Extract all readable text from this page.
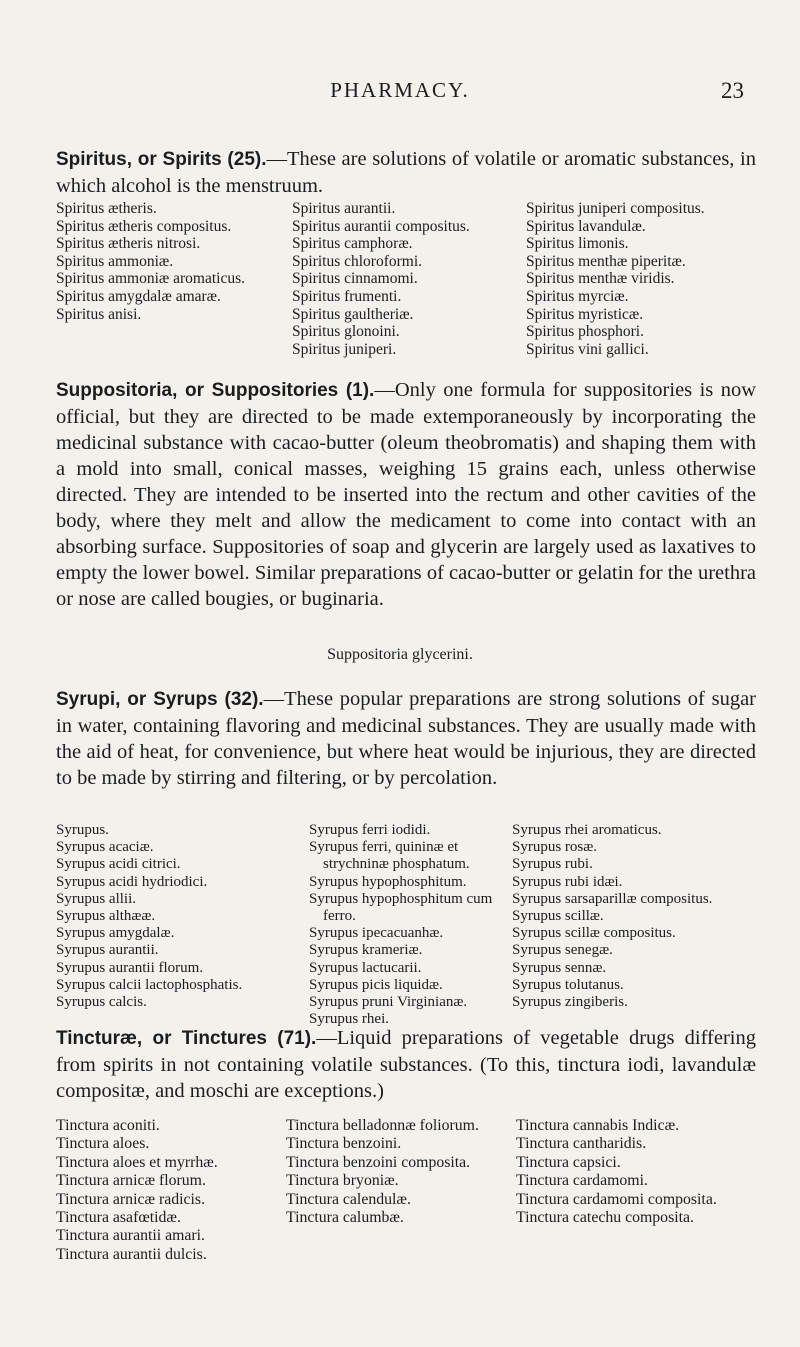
PHARMACY.	23
Spiritus, or Spirits (25).—These are solutions of volatile or aromatic substances, in which alcohol is the menstruum.
Spiritus ætheris.
Spiritus ætheris compositus.
Spiritus ætheris nitrosi.
Spiritus ammoniæ.
Spiritus ammoniæ aromaticus.
Spiritus amygdalæ amaræ.
Spiritus anisi.
Spiritus aurantii.
Spiritus aurantii compositus.
Spiritus camphoræ.
Spiritus chloroformi.
Spiritus cinnamomi.
Spiritus frumenti.
Spiritus gaultheriæ.
Spiritus glonoini.
Spiritus juniperi.
Spiritus juniperi compositus.
Spiritus lavandulæ.
Spiritus limonis.
Spiritus menthæ piperitæ.
Spiritus menthæ viridis.
Spiritus myrciæ.
Spiritus myristicæ.
Spiritus phosphori.
Spiritus vini gallici.
Suppositoria, or Suppositories (1).—Only one formula for suppositories is now official, but they are directed to be made extemporaneously by incorporating the medicinal substance with cacao-butter (oleum theobromatis) and shaping them with a mold into small, conical masses, weighing 15 grains each, unless otherwise directed. They are intended to be inserted into the rectum and other cavities of the body, where they melt and allow the medicament to come into contact with an absorbing surface. Suppositories of soap and glycerin are largely used as laxatives to empty the lower bowel. Similar preparations of cacao-butter or gelatin for the urethra or nose are called bougies, or buginaria.
Suppositoria glycerini.
Syrupi, or Syrups (32).—These popular preparations are strong solutions of sugar in water, containing flavoring and medicinal substances. They are usually made with the aid of heat, for convenience, but where heat would be injurious, they are directed to be made by stirring and filtering, or by percolation.
Syrupus.
Syrupus acaciæ.
Syrupus acidi citrici.
Syrupus acidi hydriodici.
Syrupus allii.
Syrupus althææ.
Syrupus amygdalæ.
Syrupus aurantii.
Syrupus aurantii florum.
Syrupus calcii lactophosphatis.
Syrupus calcis.
Syrupus ferri iodidi.
Syrupus ferri, quininæ et strychninæ phosphatum.
Syrupus hypophosphitum.
Syrupus hypophosphitum cum ferro.
Syrupus ipecacuanhæ.
Syrupus krameriæ.
Syrupus lactucarii.
Syrupus picis liquidæ.
Syrupus pruni Virginianæ.
Syrupus rhei.
Syrupus rhei aromaticus.
Syrupus rosæ.
Syrupus rubi.
Syrupus rubi idæi.
Syrupus sarsaparillæ compositus.
Syrupus scillæ.
Syrupus scillæ compositus.
Syrupus senegæ.
Syrupus sennæ.
Syrupus tolutanus.
Syrupus zingiberis.
Tincturæ, or Tinctures (71).—Liquid preparations of vegetable drugs differing from spirits in not containing volatile substances. (To this, tinctura iodi, lavandulæ compositæ, and moschi are exceptions.)
Tinctura aconiti.
Tinctura aloes.
Tinctura aloes et myrrhæ.
Tinctura arnicæ florum.
Tinctura arnicæ radicis.
Tinctura asafœtidæ.
Tinctura aurantii amari.
Tinctura aurantii dulcis.
Tinctura belladonnæ foliorum.
Tinctura benzoini.
Tinctura benzoini composita.
Tinctura bryoniæ.
Tinctura calendulæ.
Tinctura calumbæ.
Tinctura cannabis Indicæ.
Tinctura cantharidis.
Tinctura capsici.
Tinctura cardamomi.
Tinctura cardamomi composita.
Tinctura catechu composita.
